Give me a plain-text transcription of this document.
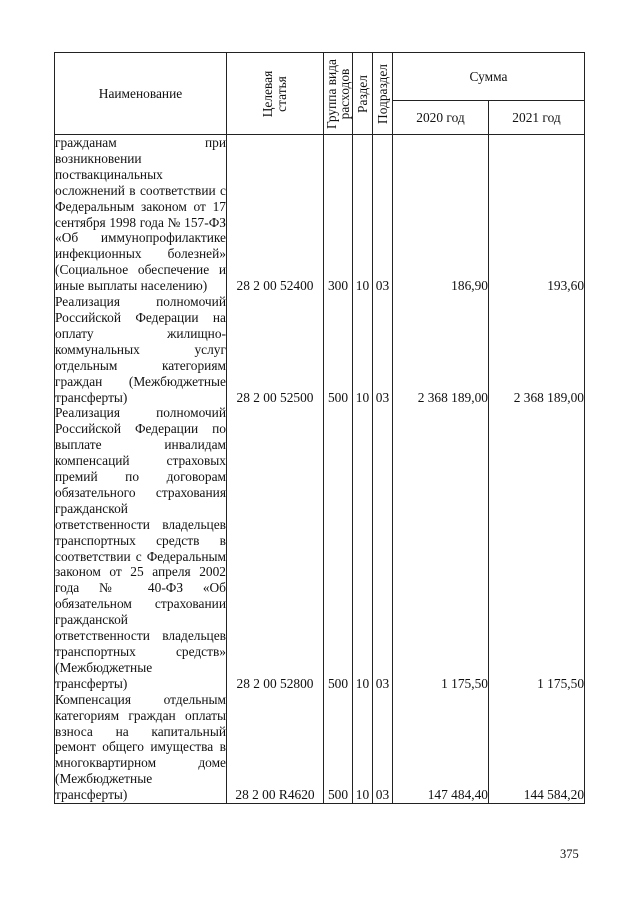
Наименование	Целевая статья	Группа вида расходов	Раздел	Подраздел	Сумма	
					2020 год	2021 год

гражданам при возникновении поствакцинальных осложнений в соответствии с Федеральным законом от 17 сентября 1998 года № 157-ФЗ «Об иммунопрофилактике инфекционных болезней» (Социальное обеспечение и иные выплаты населению)	28 2 00 52400	300	10	03	186,90	193,60

Реализация полномочий Российской Федерации на оплату жилищно-коммунальных услуг отдельным категориям граждан (Межбюджетные трансферты)	28 2 00 52500	500	10	03	2 368 189,00	2 368 189,00

Реализация полномочий Российской Федерации по выплате инвалидам компенсаций страховых премий по договорам обязательного страхования гражданской ответственности владельцев транспортных средств в соответствии с Федеральным законом от 25 апреля 2002 года № 40-ФЗ «Об обязательном страховании гражданской ответственности владельцев транспортных средств» (Межбюджетные трансферты)	28 2 00 52800	500	10	03	1 175,50	1 175,50

Компенсация отдельным категориям граждан оплаты взноса на капитальный ремонт общего имущества в многоквартирном доме (Межбюджетные трансферты)	28 2 00 R4620	500	10	03	147 484,40	144 584,20
375
